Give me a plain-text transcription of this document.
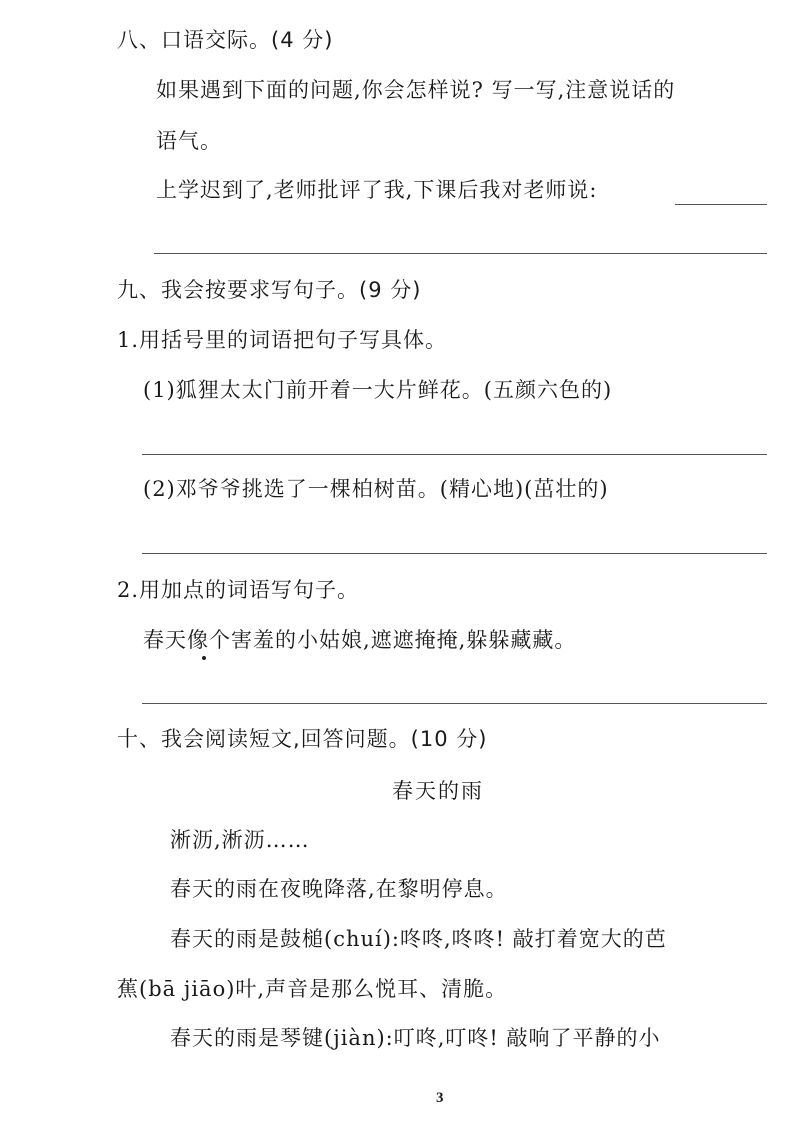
八、口语交际。(4 分)
如果遇到下面的问题,你会怎样说? 写一写,注意说话的
语气。
上学迟到了,老师批评了我,下课后我对老师说:
九、我会按要求写句子。(9 分)
1.用括号里的词语把句子写具体。
(1)狐狸太太门前开着一大片鲜花。(五颜六色的)
(2)邓爷爷挑选了一棵柏树苗。(精心地)(茁壮的)
2.用加点的词语写句子。
春天像个害羞的小姑娘,遮遮掩掩,躲躲藏藏。
十、我会阅读短文,回答问题。(10 分)
春天的雨
淅沥,淅沥……
春天的雨在夜晚降落,在黎明停息。
春天的雨是鼓槌(chuí):咚咚,咚咚! 敲打着宽大的芭
蕉(bā jiāo)叶,声音是那么悦耳、清脆。
春天的雨是琴键(jiàn):叮咚,叮咚! 敲响了平静的小
3
